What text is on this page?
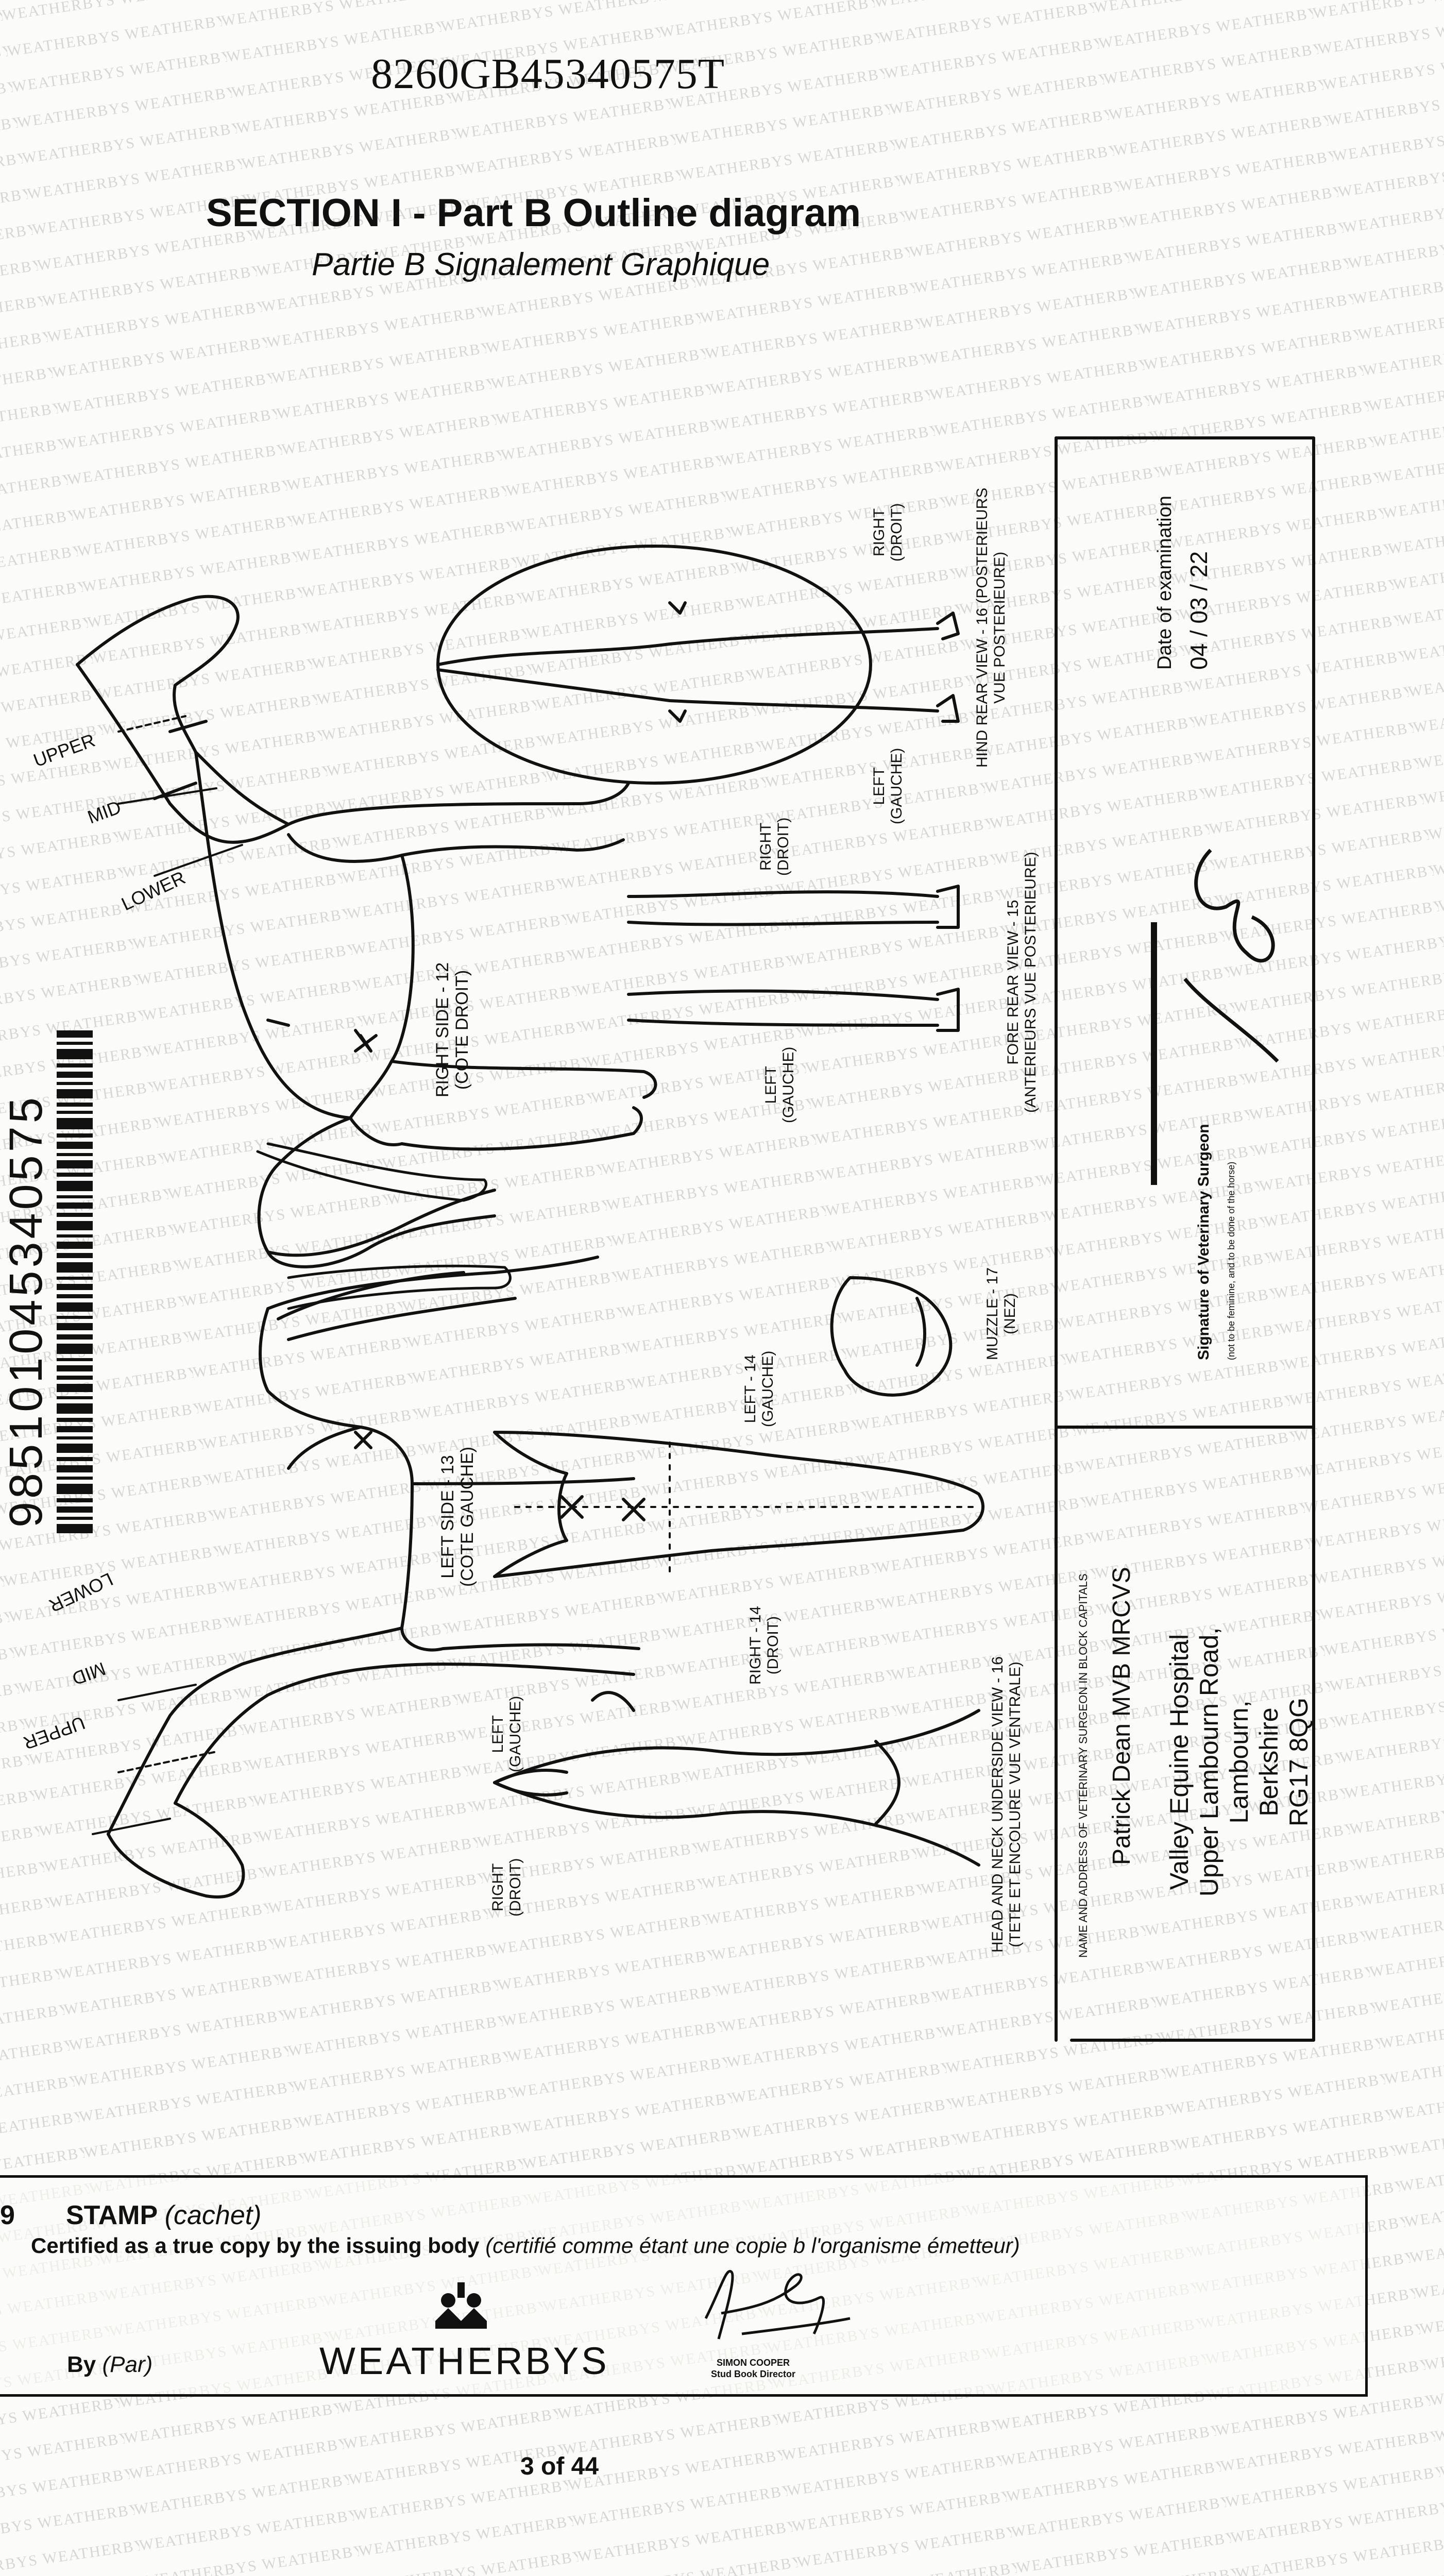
8260GB45340575T
SECTION I - Part B Outline diagram
Partie B Signalement Graphique
985101045340575
UPPER
MID
LOWER
LOWER
MID
UPPER
RIGHT SIDE - 12
(COTE DROIT)
LEFT SIDE - 13
(COTE GAUCHE)
FORE REAR VIEW - 15
(ANTERIEURS VUE POSTERIEURE)
HIND REAR VIEW - 16 (POSTERIEURS
VUE POSTERIEURE)
MUZZLE - 17
(NEZ)
HEAD AND NECK UNDERSIDE VIEW - 16
(TETE ET ENCOLURE VUE VENTRALE)
LEFT - 14
(GAUCHE)
RIGHT - 14
(DROIT)
RIGHT
(DROIT)
LEFT
(GAUCHE)
RIGHT
(DROIT)
LEFT
(GAUCHE)
LEFT
(GAUCHE)
RIGHT
(DROIT)	NAME AND ADDRESS OF VETERINARY SURGEON IN BLOCK CAPITALS Patrick Dean MVB MRCVS Valley Equine Hospital Upper Lambourn Road, Lambourn, Berkshire RG17 8QG
Signature of Veterinary Surgeon (not to be feminine, and to be done of the horse)
Date of examination 04 / 03 / 22
9 STAMP (cachet)
Certified as a true copy by the issuing body (certifié comme étant une copie b l'organisme émetteur)
By (Par)	WEATHERBYS	SIMON COOPER
Stud Book Director
3 of 44
